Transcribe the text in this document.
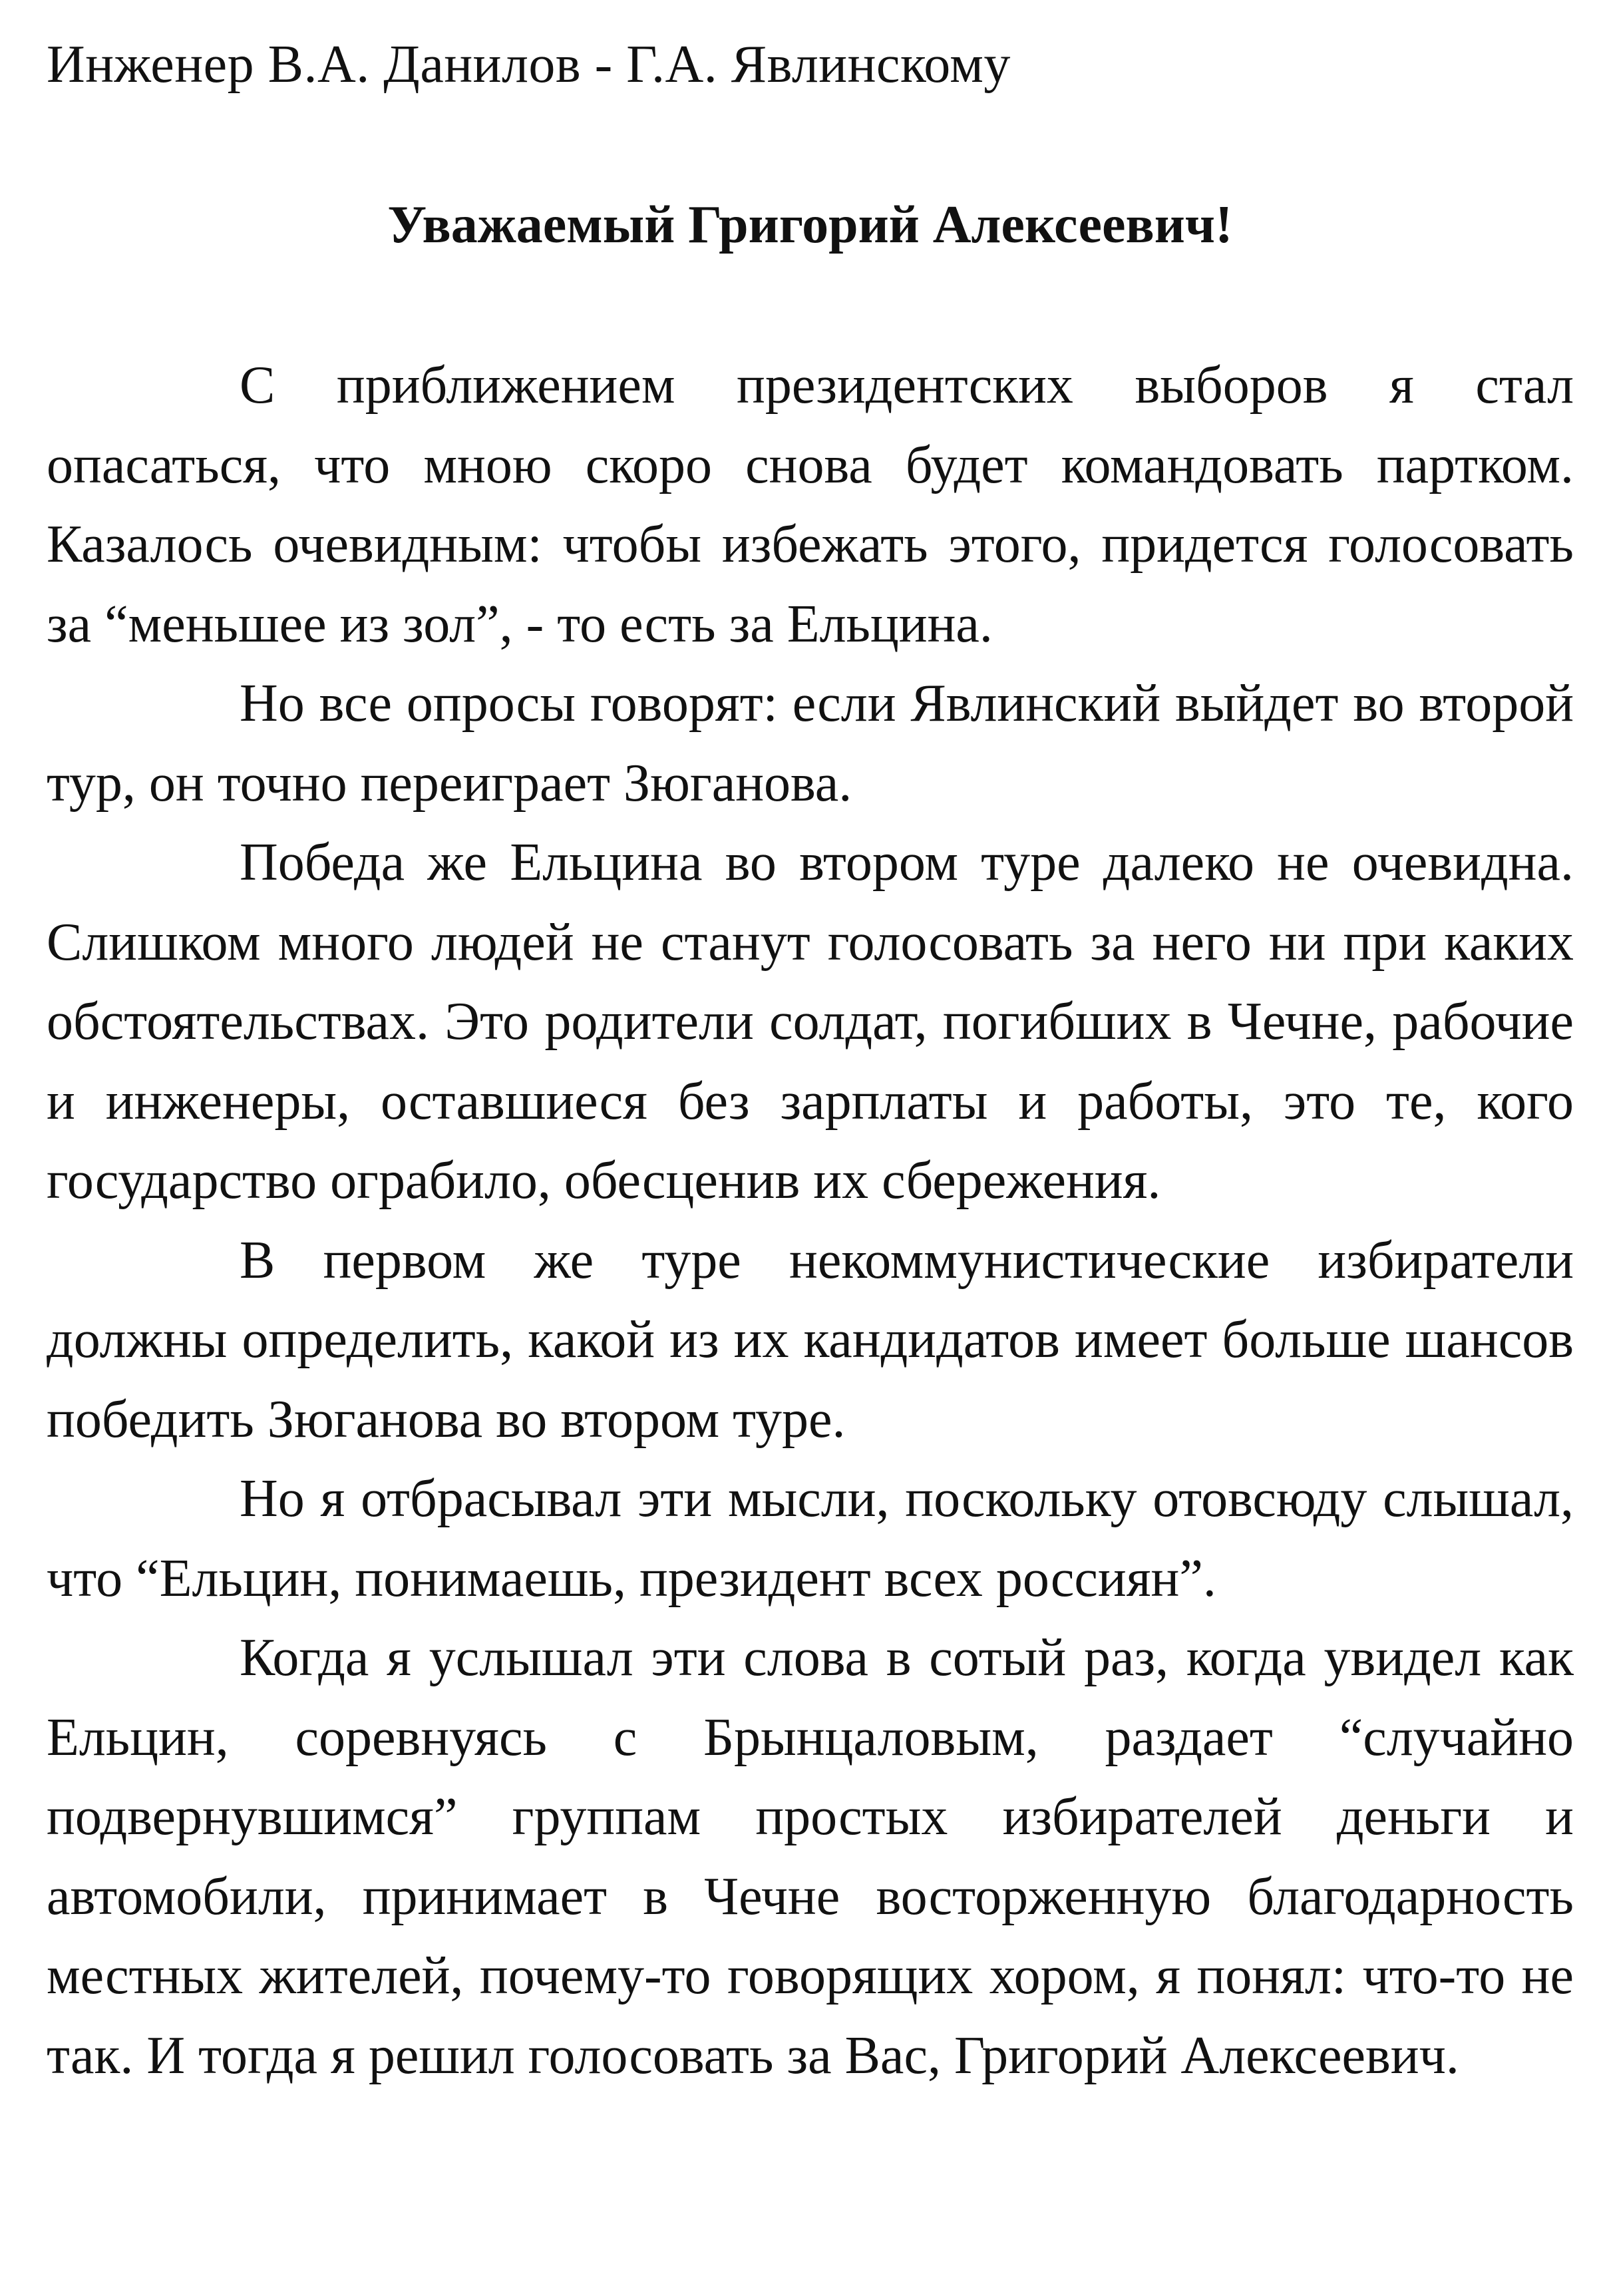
Инженер В.А. Данилов - Г.А. Явлинскому
Уважаемый Григорий Алексеевич!

С приближением президентских выборов я стал опасаться, что мною скоро снова будет командовать партком. Казалось очевидным: чтобы избежать этого, придется голосовать за “меньшее из зол”, - то есть за Ельцина.

Но все опросы говорят: если Явлинский выйдет во второй тур, он точно переиграет Зюганова.

Победа же Ельцина во втором туре далеко не очевидна. Слишком много людей не станут голосовать за него ни при каких обстоятельствах. Это родители солдат, погибших в Чечне, рабочие и инженеры, оставшиеся без зарплаты и работы, это те, кого государство ограбило, обесценив их сбережения.

В первом же туре некоммунистические избиратели должны определить, какой из их кандидатов имеет больше шансов победить Зюганова во втором туре.

Но я отбрасывал эти мысли, поскольку отовсюду слышал, что “Ельцин, понимаешь, президент всех россиян”.

Когда я услышал эти слова в сотый раз, когда увидел как Ельцин, соревнуясь с Брынцаловым, раздает “случайно подвернувшимся” группам простых избирателей деньги и автомобили, принимает в Чечне восторженную благодарность местных жителей, почему-то говорящих хором, я понял: что-то не так. И тогда я решил голосовать за Вас, Григорий Алексеевич.
